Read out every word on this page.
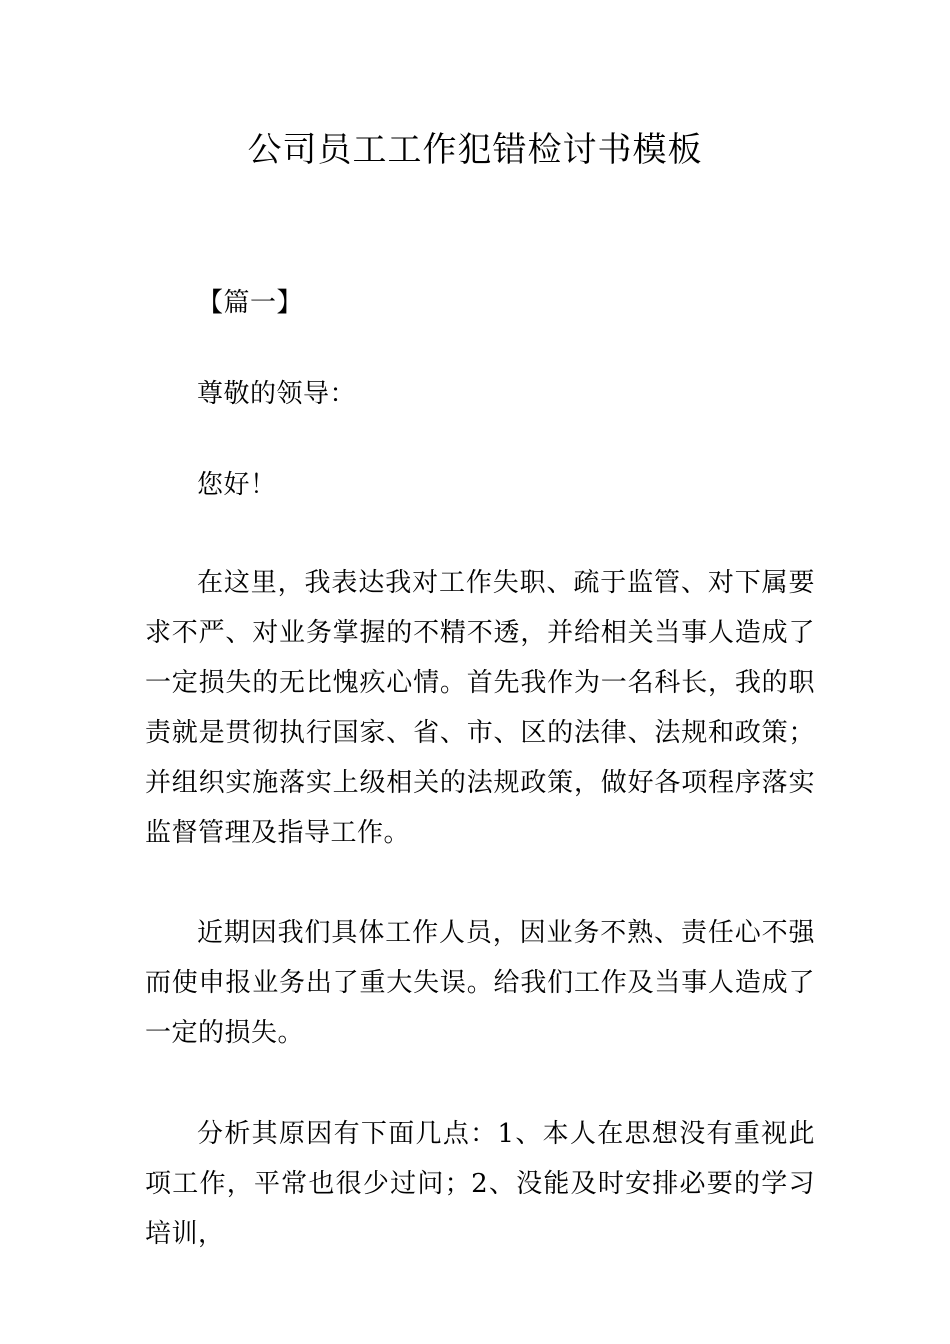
公司员工工作犯错检讨书模板

【篇一】

尊敬的领导：

您好！

在这里，我表达我对工作失职、疏于监管、对下属要求不严、对业务掌握的不精不透，并给相关当事人造成了一定损失的无比愧疚心情。首先我作为一名科长，我的职责就是贯彻执行国家、省、市、区的法律、法规和政策；并组织实施落实上级相关的法规政策，做好各项程序落实监督管理及指导工作。

近期因我们具体工作人员，因业务不熟、责任心不强而使申报业务出了重大失误。给我们工作及当事人造成了一定的损失。

分析其原因有下面几点：1、本人在思想没有重视此项工作，平常也很少过问；2、没能及时安排必要的学习培训，
